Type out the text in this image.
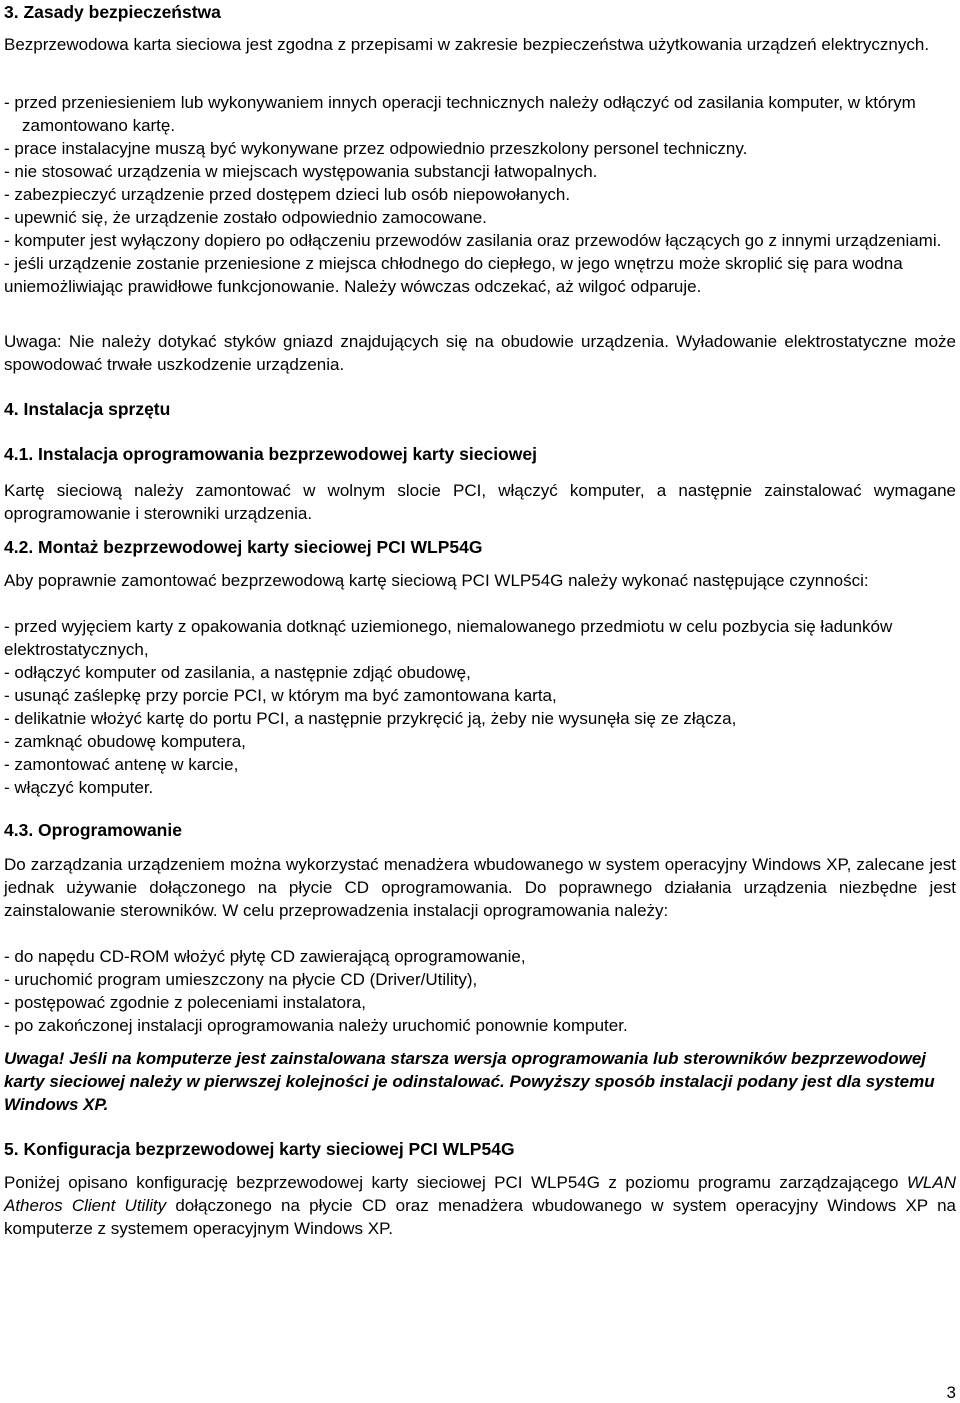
3. Zasady bezpieczeństwa

Bezprzewodowa karta sieciowa jest zgodna z przepisami w zakresie bezpieczeństwa użytkowania urządzeń elektrycznych.

- przed przeniesieniem lub wykonywaniem innych operacji technicznych należy odłączyć od zasilania komputer, w którym zamontowano kartę.
- prace instalacyjne muszą być wykonywane przez odpowiednio przeszkolony personel techniczny.
- nie stosować urządzenia w miejscach występowania substancji łatwopalnych.
- zabezpieczyć urządzenie przed dostępem dzieci lub osób niepowołanych.
- upewnić się, że urządzenie zostało odpowiednio zamocowane.
- komputer jest wyłączony dopiero po odłączeniu przewodów zasilania oraz przewodów łączących go z innymi urządzeniami.
- jeśli urządzenie zostanie przeniesione z miejsca chłodnego do ciepłego, w jego wnętrzu może skroplić się para wodna uniemożliwiając prawidłowe funkcjonowanie. Należy wówczas odczekać, aż wilgoć odparuje.

Uwaga: Nie należy dotykać styków gniazd znajdujących się na obudowie urządzenia. Wyładowanie elektrostatyczne może spowodować trwałe uszkodzenie urządzenia.

4. Instalacja sprzętu
4.1. Instalacja oprogramowania bezprzewodowej karty sieciowej

Kartę sieciową należy zamontować w wolnym slocie PCI, włączyć komputer, a następnie zainstalować wymagane oprogramowanie i sterowniki urządzenia.

4.2. Montaż bezprzewodowej karty sieciowej PCI WLP54G

Aby poprawnie zamontować bezprzewodową kartę sieciową PCI WLP54G należy wykonać następujące czynności:

- przed wyjęciem karty z opakowania dotknąć uziemionego, niemalowanego przedmiotu w celu pozbycia się ładunków elektrostatycznych,
- odłączyć komputer od zasilania, a następnie zdjąć obudowę,
- usunąć zaślepkę przy porcie PCI, w którym ma być zamontowana karta,
- delikatnie włożyć kartę do portu PCI, a następnie przykręcić ją, żeby nie wysunęła się ze złącza,
- zamknąć obudowę komputera,
- zamontować antenę w karcie,
- włączyć komputer.
4.3. Oprogramowanie

Do zarządzania urządzeniem można wykorzystać menadżera wbudowanego w system operacyjny Windows XP, zalecane jest jednak używanie dołączonego na płycie CD oprogramowania. Do poprawnego działania urządzenia niezbędne jest zainstalowanie sterowników. W celu przeprowadzenia instalacji oprogramowania należy:

- do napędu CD-ROM włożyć płytę CD zawierającą oprogramowanie,
- uruchomić program umieszczony na płycie CD (Driver/Utility),
- postępować zgodnie z poleceniami instalatora,
- po zakończonej instalacji oprogramowania należy uruchomić ponownie komputer.

Uwaga! Jeśli na komputerze jest zainstalowana starsza wersja oprogramowania lub sterowników bezprzewodowej karty sieciowej należy w pierwszej kolejności je odinstalować. Powyższy sposób instalacji podany jest dla systemu Windows XP.

5. Konfiguracja bezprzewodowej karty sieciowej PCI WLP54G

Poniżej opisano konfigurację bezprzewodowej karty sieciowej PCI WLP54G z poziomu programu zarządzającego WLAN Atheros Client Utility dołączonego na płycie CD oraz menadżera wbudowanego w system operacyjny Windows XP na komputerze z systemem operacyjnym Windows XP.

3
